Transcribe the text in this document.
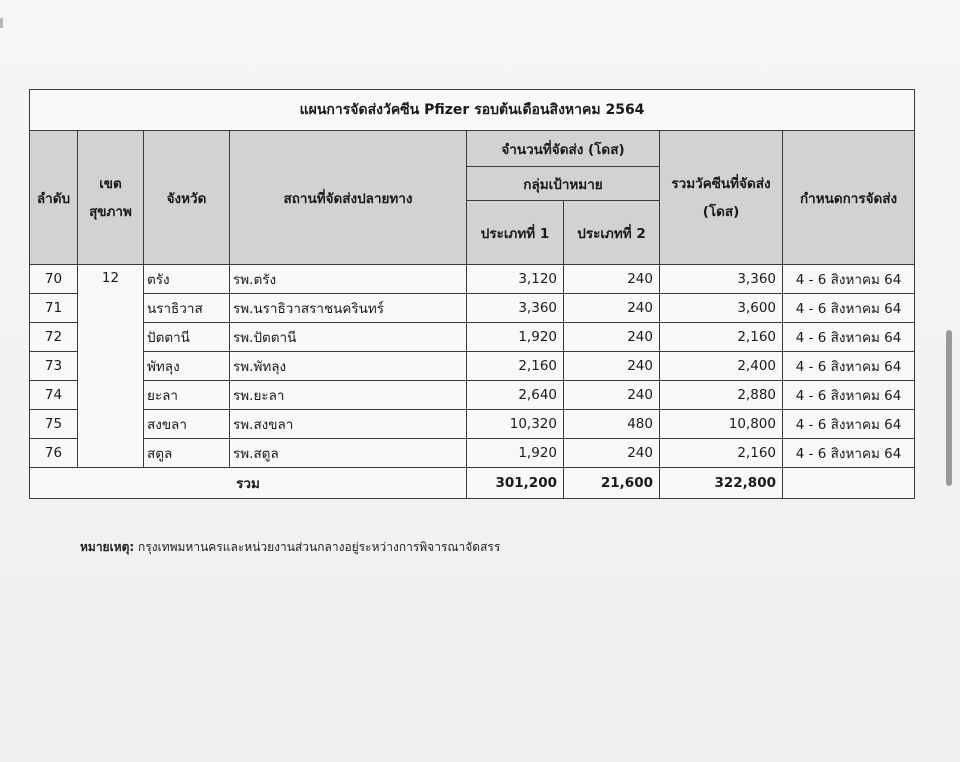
แผนการจัดส่งวัคซีน Pfizer รอบต้นเดือนสิงหาคม 2564							
ลำดับ	เขต สุขภาพ	จังหวัด	สถานที่จัดส่งปลายทาง	จำนวนที่จัดส่ง (โดส)		รวมวัคซีนที่จัดส่ง (โดส)	กำหนดการจัดส่ง
				กลุ่มเป้าหมาย			
				ประเภทที่ 1	ประเภทที่ 2		
70	12	ตรัง	รพ.ตรัง	3,120	240	3,360	4 - 6 สิงหาคม 64
71		นราธิวาส	รพ.นราธิวาสราชนครินทร์	3,360	240	3,600	4 - 6 สิงหาคม 64
72		ปัตตานี	รพ.ปัตตานี	1,920	240	2,160	4 - 6 สิงหาคม 64
73		พัทลุง	รพ.พัทลุง	2,160	240	2,400	4 - 6 สิงหาคม 64
74		ยะลา	รพ.ยะลา	2,640	240	2,880	4 - 6 สิงหาคม 64
75		สงขลา	รพ.สงขลา	10,320	480	10,800	4 - 6 สิงหาคม 64
76		สตูล	รพ.สตูล	1,920	240	2,160	4 - 6 สิงหาคม 64
รวม				301,200	21,600	322,800	
หมายเหตุ: กรุงเทพมหานครและหน่วยงานส่วนกลางอยู่ระหว่างการพิจารณาจัดสรร
